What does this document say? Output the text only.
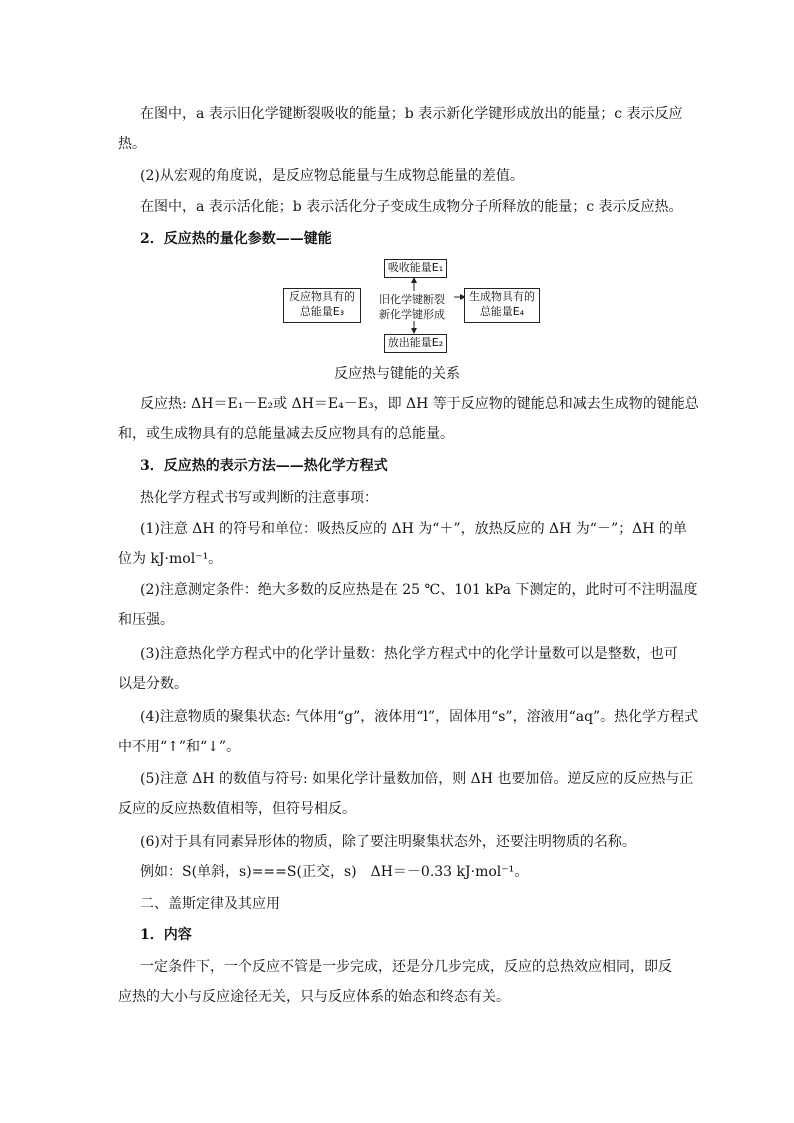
在图中，a 表示旧化学键断裂吸收的能量；b 表示新化学键形成放出的能量；c 表示反应
热。
(2)从宏观的角度说，是反应物总能量与生成物总能量的差值。
在图中，a 表示活化能；b 表示活化分子变成生成物分子所释放的能量；c 表示反应热。
2．反应热的量化参数——键能
吸收能量E₁
反应物具有的
总能量E₃
旧化学键断裂
新化学键形成
生成物具有的
总能量E₄
放出能量E₂
反应热与键能的关系
反应热: ΔH＝E₁－E₂或 ΔH＝E₄－E₃，即 ΔH 等于反应物的键能总和减去生成物的键能总
和，或生成物具有的总能量减去反应物具有的总能量。
3．反应热的表示方法——热化学方程式
热化学方程式书写或判断的注意事项：
(1)注意 ΔH 的符号和单位：吸热反应的 ΔH 为“＋”，放热反应的 ΔH 为“－”；ΔH 的单
位为 kJ·mol⁻¹。
(2)注意测定条件：绝大多数的反应热是在 25 ℃、101 kPa 下测定的，此时可不注明温度
和压强。
(3)注意热化学方程式中的化学计量数：热化学方程式中的化学计量数可以是整数，也可
以是分数。
(4)注意物质的聚集状态: 气体用“g”，液体用“l”，固体用“s”，溶液用“aq”。热化学方程式
中不用“↑”和“↓”。
(5)注意 ΔH 的数值与符号: 如果化学计量数加倍，则 ΔH 也要加倍。逆反应的反应热与正
反应的反应热数值相等，但符号相反。
(6)对于具有同素异形体的物质，除了要注明聚集状态外，还要注明物质的名称。
例如：S(单斜，s)===S(正交，s)　ΔH＝－0.33 kJ·mol⁻¹。
二、盖斯定律及其应用
1．内容
一定条件下，一个反应不管是一步完成，还是分几步完成，反应的总热效应相同，即反
应热的大小与反应途径无关，只与反应体系的始态和终态有关。
